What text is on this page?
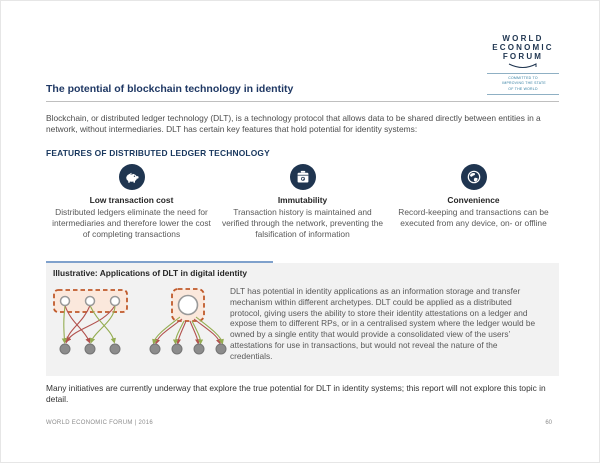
WORLD
ECONOMIC
FORUM
COMMITTED TO
IMPROVING THE STATE
OF THE WORLD
The potential of blockchain technology in identity
Blockchain, or distributed ledger technology (DLT), is a technology protocol that allows data to be shared directly between entities in a network, without intermediaries. DLT has certain key features that hold potential for identity systems:
FEATURES OF DISTRIBUTED LEDGER TECHNOLOGY
Low transaction cost
Distributed ledgers eliminate the need for intermediaries and therefore lower the cost of completing transactions
Immutability
Transaction history is maintained and verified through the network, preventing the falsification of information
Convenience
Record-keeping and transactions can be executed from any device, on- or offline
Illustrative: Applications of DLT in digital identity
DLT has potential in identity applications as an information storage and transfer mechanism within different archetypes. DLT could be applied as a distributed protocol, giving users the ability to store their identity attestations on a ledger and expose them to different RPs, or in a centralised system where the ledger would be owned by a single entity that would provide a consolidated view of the users’ attestations for use in transactions, but would not reveal the nature of the credentials.
Many initiatives are currently underway that explore the true potential for DLT in identity systems; this report will not explore this topic in detail.
WORLD ECONOMIC FORUM | 2016	60
